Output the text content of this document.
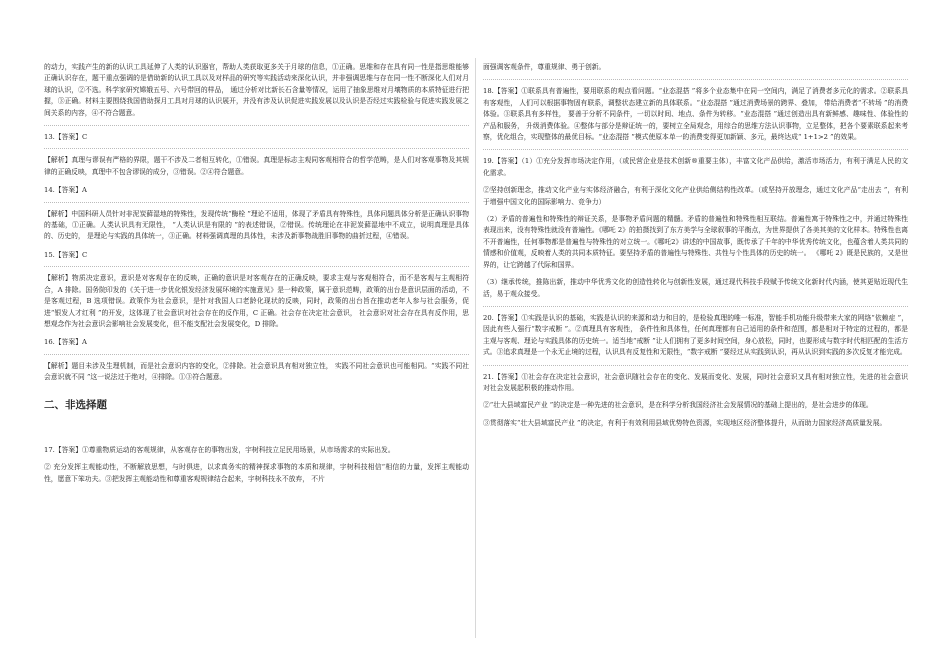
的动力，实践产生的新的认识工具延伸了人类的认识器官，帮助人类获取更多关于月球的信息，①正确。思维和存在具有同一性是指思维能够正确认识存在，题干重点强调的是借助新的认识工具以及对样品的研究等实践活动来深化认识，并非强调思维与存在同一性不断深化人们对月球的认识，②不选。科学家研究嫦娥五号、六号带回的样品， 通过分析对比新长石含量等情况，运用了抽象思维对月壤物质的本质特征进行把握，③正确。材料主要围绕我国借助探月工具对月球的认识展开，并没有涉及认识促进实践发展以及认识是否经过实践检验与促进实践发展之间关系的内容，④不符合题意。

13.【答案】C

【解析】真理与谬误有严格的界限，题干不涉及二者相互转化，①错误。真理是标志主观同客观相符合的哲学范畴，是人们对客观事物及其规律的正确反映，真理中不包含谬误的成分，③错误。②④符合题意。

14.【答案】A

【解析】中国科研人员针对非泥炭藓湿地的特殊性，发现传统“酶栓 ”理论不适用，体现了矛盾具有特殊性，具体问题具体分析是正确认识事物的基础，①正确。人类认识具有无限性， “人类认识是有限的 ”的表述错误，②错误。传统理论在非泥炭藓湿地中不成立，说明真理是具体的、历史的， 是理论与实践的具体统一，③正确。材料强调真理的具体性，未涉及新事物战胜旧事物的曲折过程，④错误。

15.【答案】C

【解析】物质决定意识，意识是对客观存在的反映，正确的意识是对客观存在的正确反映，要求主观与客观相符合，而不是客观与主观相符合，A 排除。国务院印发的《关于进一步优化银发经济发展环境的实施意见》是一种政策，属于意识范畴，政策的出台是意识层面的活动，不是客观过程，B 选项错误。政策作为社会意识，是针对我国人口老龄化现状的反映，同时，政策的出台旨在推动老年人参与社会服务，促进“银发人才红利 ”的开发，这体现了社会意识对社会存在的反作用，C 正确。社会存在决定社会意识， 社会意识对社会存在具有反作用，思想观念作为社会意识会影响社会发展变化，但不能支配社会发展变化，D 排除。

16.【答案】A

【解析】题目未涉及生理机制，而是社会意识内容的变化，②排除。社会意识具有相对独立性， 实践不同社会意识也可能相同。“实践不同社会意识就不同 ”这一说法过于绝对，④排除。①③符合题意。

二、非选择题

17.【答案】①尊重物质运动的客观规律，从客观存在的事物出发，宇树科技立足民用场景，从市场需求的实际出发。

② 充分发挥主观能动性，不断解放思想，与时俱进，以求真务实的精神探求事物的本质和规律，宇树科技相信“相信的力量，发挥主观能动性，愿意下笨功夫。③把发挥主观能动性和尊重客观规律结合起来，宇树科技永不放弃， 不片

面强调客观条件，尊重规律、勇于创新。

18.【答案】①联系具有普遍性，要用联系的观点看问题。“业态混搭 ”将多个业态集中在同一空间内，满足了消费者多元化的需求。②联系具有客观性， 人们可以根据事物固有联系，调整状态建立新的具体联系。“业态混搭 ”通过消费场景的跨界、叠加， 带给消费者“不转场 ”的消费体验。③联系具有多样性， 要善于分析不同条件，一切以时间、地点、条件为转移。“业态混搭 ”通过创造出具有新鲜感、趣味性、体验性的产品和服务， 升级消费体验。④整体与部分是辩证统一的，要树立全局观念，用综合的思维方法认识事物，立足整体，把各个要素联系起来考察，优化组合，实现整体的最优目标。“业态混搭 ”模式使原本单一的消费变得更加新颖、多元，最终达成“ 1+1>2 ”的效果。

19.【答案】（1）①充分发挥市场决定作用，（或民营企业是技术创新®重要主体），丰富文化产品供给，激活市场活力，有利于满足人民的文化需求。

②坚持创新理念，推动文化产业与实体经济融合，有利于深化文化产业供给侧结构性改革。（或坚持开放理念，通过文化产品“走出去 ”，有利于增强中国文化的国际影响力、竞争力）

（2）矛盾的普遍性和特殊性的辩证关系，是事物矛盾问题的精髓。矛盾的普遍性和特殊性相互联结。普遍性寓于特殊性之中，并通过特殊性表现出来，没有特殊性就没有普遍性。《哪吒 2》的拍摄找到了东方美学与全球叙事的平衡点，为世界提供了各美其美的文化样本。特殊性也离不开普遍性，任何事物都是普遍性与特殊性的对立统一。《哪吒2》讲述的中国故事，既传承了千年的中华优秀传统文化，也蕴含着人类共同的情感和价值观，反映着人类的共同本质特征。要坚持矛盾的普遍性与特殊性、共性与个性具体的历史的统一。 《哪吒 2》既是民族的，又是世界的，让它跨越了代际和国界。

（3）继承传统，推陈出新，推动中华优秀文化的创造性转化与创新性发展，通过现代科技手段赋予传统文化新时代内涵，使其更贴近现代生活，易于观众接受。

20.【答案】①实践是认识的基础，实践是认识的来源和动力和目的，是检验真理的唯一标准，智能手机功能升级带来大家的网络“依赖症 ”，因此有些人强行“数字戒断 ”。②真理具有客观性， 条件性和具体性，任何真理都有自己适用的条件和范围，都是相对于特定的过程的，都是主观与客观、理论与实践具体的历史统一。适当地“戒断 ”让人们拥有了更多时间空间，身心放松，同时，也要形成与数字时代相匹配的生活方式。③追求真理是一个永无止境的过程，认识具有反复性和无限性，“数字戒断 ”要经过从实践到认识，再从认识到实践的多次反复才能完成。

21.【答案】①社会存在决定社会意识，社会意识随社会存在的变化、发展而变化、发展，同时社会意识又具有相对独立性，先进的社会意识对社会发展起积极的推动作用。

②“壮大县域富民产业 ”的决定是一种先进的社会意识，是在科学分析我国经济社会发展情况的基础上提出的，是社会进步的体现。

③贯彻落实“壮大县域富民产业 ”的决定，有利于有效利用县域优势特色资源，实现地区经济整体提升，从而助力国家经济高质量发展。
